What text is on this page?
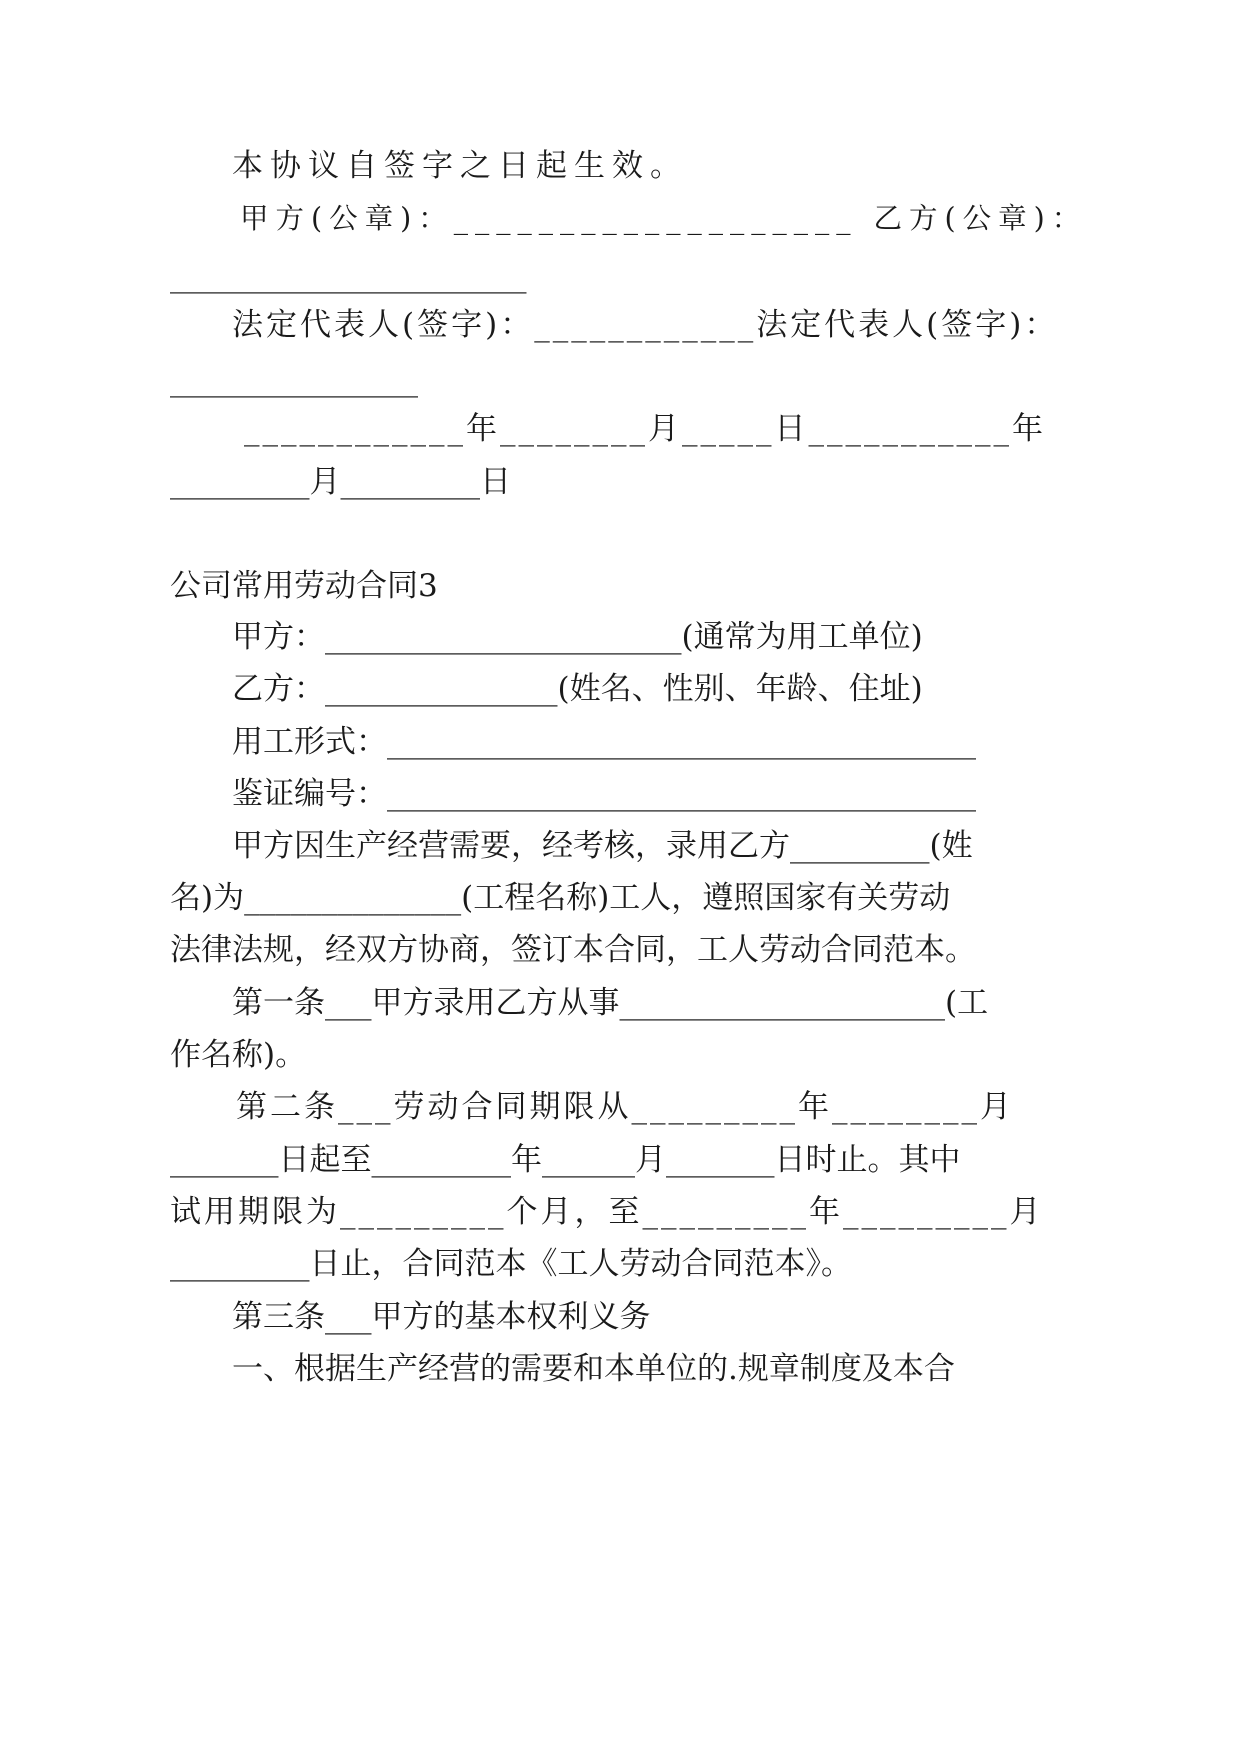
本协议自签字之日起生效。
甲方(公章)：___________________ 乙方(公章)：
_______________________
法定代表人(签字)：____________法定代表人(签字)：
________________
____________年________月_____日___________年
_________月_________日
公司常用劳动合同3
甲方：_______________________(通常为用工单位)
乙方：_______________(姓名、性别、年龄、住址)
用工形式：______________________________________
鉴证编号：______________________________________
甲方因生产经营需要，经考核，录用乙方_________(姓
名)为______________(工程名称)工人，遵照国家有关劳动
法律法规，经双方协商，签订本合同，工人劳动合同范本。
第一条___甲方录用乙方从事_____________________(工
作名称)。
第二条___劳动合同期限从_________年________月
_______日起至_________年______月_______日时止。其中
试用期限为_________个月，至_________年_________月
_________日止，合同范本《工人劳动合同范本》。
第三条___甲方的基本权利义务
一、根据生产经营的需要和本单位的.规章制度及本合
